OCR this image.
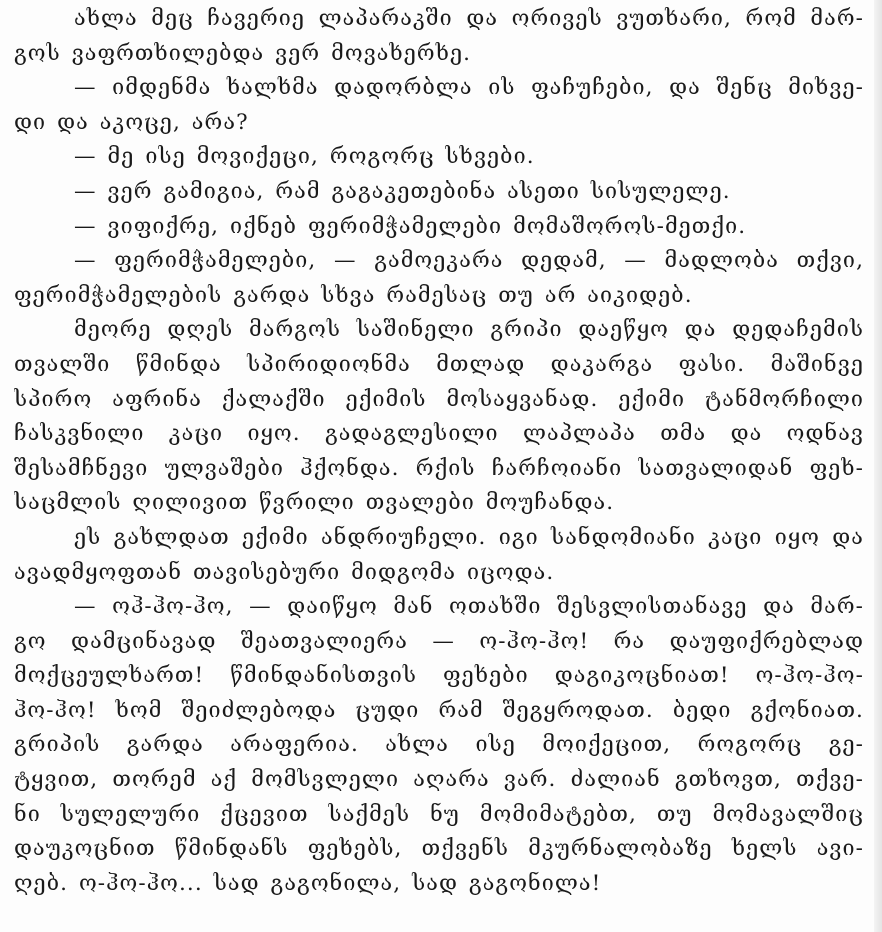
ახლა მეც ჩავერიე ლაპარაკში და ორივეს ვუთხარი, რომ მარ-
გოს ვაფრთხილებდა ვერ მოვახერხე.
— იმდენმა ხალხმა დადორბლა ის ფაჩუჩები, და შენც მიხვე-
დი და აკოცე, არა?
— მე ისე მოვიქეცი, როგორც სხვები.
— ვერ გამიგია, რამ გაგაკეთებინა ასეთი სისულელე.
— ვიფიქრე, იქნებ ფერიმჭამელები მომაშოროს-მეთქი.
— ფერიმჭამელები, — გამოეკარა დედამ, — მადლობა თქვი,
ფერიმჭამელების გარდა სხვა რამესაც თუ არ აიკიდებ.
მეორე დღეს მარგოს საშინელი გრიპი დაეწყო და დედაჩემის
თვალში წმინდა სპირიდიონმა მთლად დაკარგა ფასი. მაშინვე
სპირო აფრინა ქალაქში ექიმის მოსაყვანად. ექიმი ტანმორჩილი
ჩასკვნილი კაცი იყო. გადაგლესილი ლაპლაპა თმა და ოდნავ
შესამჩნევი ულვაშები ჰქონდა. რქის ჩარჩოიანი სათვალიდან ფეხ-
საცმლის ღილივით წვრილი თვალები მოუჩანდა.
ეს გახლდათ ექიმი ანდრიუჩელი. იგი სანდომიანი კაცი იყო და
ავადმყოფთან თავისებური მიდგომა იცოდა.
— ოჰ-ჰო-ჰო, — დაიწყო მან ოთახში შესვლისთანავე და მარ-
გო დამცინავად შეათვალიერა — ო-ჰო-ჰო! რა დაუფიქრებლად
მოქცეულხართ! წმინდანისთვის ფეხები დაგიკოცნიათ! ო-ჰო-ჰო-
ჰო-ჰო! ხომ შეიძლებოდა ცუდი რამ შეგყროდათ. ბედი გქონიათ.
გრიპის გარდა არაფერია. ახლა ისე მოიქეცით, როგორც გე-
ტყვით, თორემ აქ მომსვლელი აღარა ვარ. ძალიან გთხოვთ, თქვე-
ნი სულელური ქცევით საქმეს ნუ მომიმატებთ, თუ მომავალშიც
დაუკოცნით წმინდანს ფეხებს, თქვენს მკურნალობაზე ხელს ავი-
ღებ. ო-ჰო-ჰო... სად გაგონილა, სად გაგონილა!
